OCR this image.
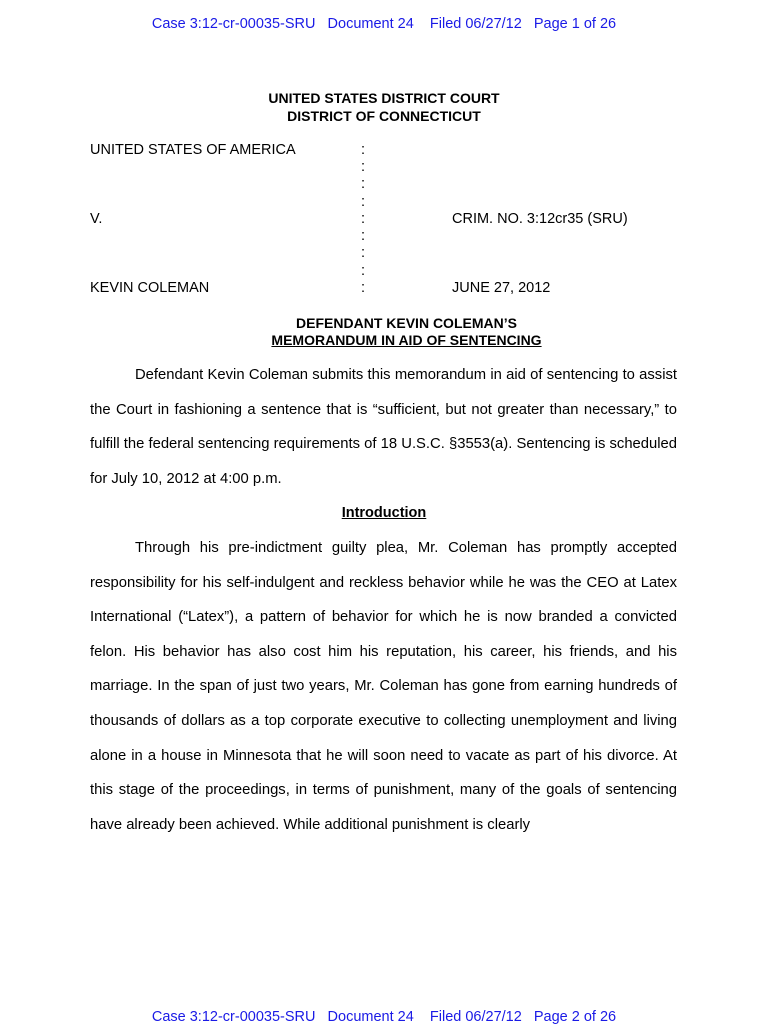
Case 3:12-cr-00035-SRU   Document 24    Filed 06/27/12   Page 1 of 26
UNITED STATES DISTRICT COURT
DISTRICT OF CONNECTICUT
UNITED STATES OF AMERICA	:
:
:
:
V.	:	CRIM. NO. 3:12cr35 (SRU)
:
:
:
KEVIN COLEMAN	:	JUNE 27, 2012
DEFENDANT KEVIN COLEMAN’S
MEMORANDUM IN AID OF SENTENCING

Defendant Kevin Coleman submits this memorandum in aid of sentencing to assist the Court in fashioning a sentence that is “sufficient, but not greater than necessary,” to fulfill the federal sentencing requirements of 18 U.S.C. §3553(a). Sentencing is scheduled for July 10, 2012 at 4:00 p.m.

Introduction

Through his pre-indictment guilty plea, Mr. Coleman has promptly accepted responsibility for his self-indulgent and reckless behavior while he was the CEO at Latex International (“Latex”), a pattern of behavior for which he is now branded a convicted felon. His behavior has also cost him his reputation, his career, his friends, and his marriage. In the span of just two years, Mr. Coleman has gone from earning hundreds of thousands of dollars as a top corporate executive to collecting unemployment and living alone in a house in Minnesota that he will soon need to vacate as part of his divorce. At this stage of the proceedings, in terms of punishment, many of the goals of sentencing have already been achieved. While additional punishment is clearly

Case 3:12-cr-00035-SRU   Document 24    Filed 06/27/12   Page 2 of 26
